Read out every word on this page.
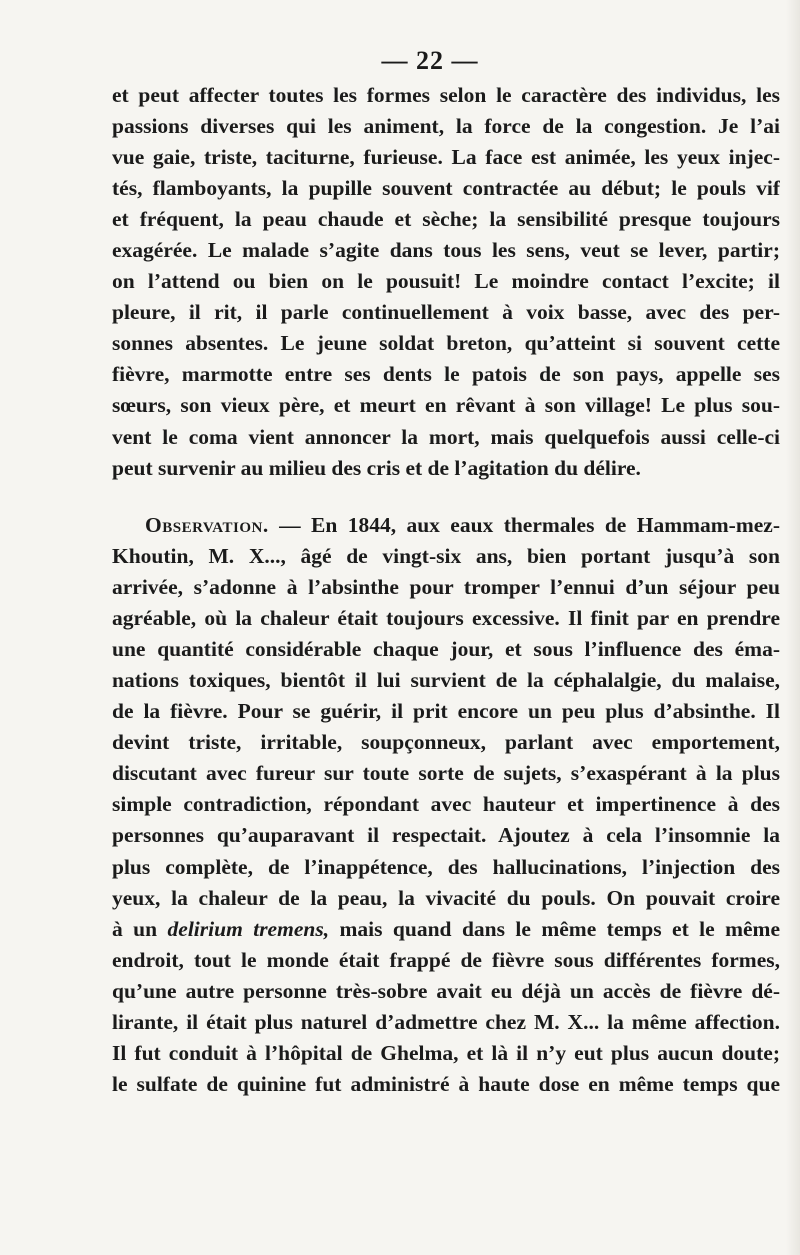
— 22 —
et peut affecter toutes les formes selon le caractère des individus, les
passions diverses qui les animent, la force de la congestion. Je l’ai
vue gaie, triste, taciturne, furieuse. La face est animée, les yeux injec-
tés, flamboyants, la pupille souvent contractée au début; le pouls vif
et fréquent, la peau chaude et sèche; la sensibilité presque toujours
exagérée. Le malade s’agite dans tous les sens, veut se lever, partir;
on l’attend ou bien on le pousuit! Le moindre contact l’excite; il
pleure, il rit, il parle continuellement à voix basse, avec des per-
sonnes absentes. Le jeune soldat breton, qu’atteint si souvent cette
fièvre, marmotte entre ses dents le patois de son pays, appelle ses
sœurs, son vieux père, et meurt en rêvant à son village! Le plus sou-
vent le coma vient annoncer la mort, mais quelquefois aussi celle-ci
peut survenir au milieu des cris et de l’agitation du délire.
Observation. — En 1844, aux eaux thermales de Hammam-mez-
Khoutin, M. X..., âgé de vingt-six ans, bien portant jusqu’à son
arrivée, s’adonne à l’absinthe pour tromper l’ennui d’un séjour peu
agréable, où la chaleur était toujours excessive. Il finit par en prendre
une quantité considérable chaque jour, et sous l’influence des éma-
nations toxiques, bientôt il lui survient de la céphalalgie, du malaise,
de la fièvre. Pour se guérir, il prit encore un peu plus d’absinthe. Il
devint triste, irritable, soupçonneux, parlant avec emportement,
discutant avec fureur sur toute sorte de sujets, s’exaspérant à la plus
simple contradiction, répondant avec hauteur et impertinence à des
personnes qu’auparavant il respectait. Ajoutez à cela l’insomnie la
plus complète, de l’inappétence, des hallucinations, l’injection des
yeux, la chaleur de la peau, la vivacité du pouls. On pouvait croire
à un delirium tremens, mais quand dans le même temps et le même
endroit, tout le monde était frappé de fièvre sous différentes formes,
qu’une autre personne très-sobre avait eu déjà un accès de fièvre dé-
lirante, il était plus naturel d’admettre chez M. X... la même affection.
Il fut conduit à l’hôpital de Ghelma, et là il n’y eut plus aucun doute;
le sulfate de quinine fut administré à haute dose en même temps que
